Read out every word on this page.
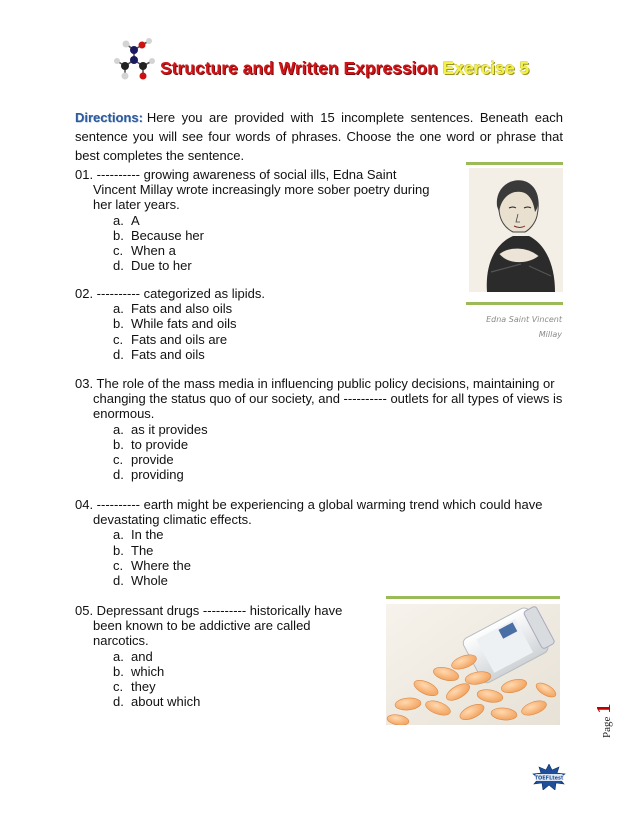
Structure and Written Expression Exercise 5
Directions: Here you are provided with 15 incomplete sentences. Beneath each sentence you will see four words of phrases. Choose the one word or phrase that best completes the sentence.
01. ---------- growing awareness of social ills, Edna Saint Vincent Millay wrote increasingly more sober poetry during her later years.
a. A
b. Because her
c. When a
d. Due to her
02. ---------- categorized as lipids.
a. Fats and also oils
b. While fats and oils
c. Fats and oils are
d. Fats and oils
03. The role of the mass media in influencing public policy decisions, maintaining or changing the status quo of our society, and ---------- outlets for all types of views is enormous.
a. as it provides
b. to provide
c. provide
d. providing
04. ---------- earth might be experiencing a global warming trend which could have devastating climatic effects.
a. In the
b. The
c. Where the
d. Whole
05. Depressant drugs ---------- historically have been known to be addictive are called narcotics.
a. and
b. which
c. they
d. about which
Edna Saint Vincent Millay
Page1
TOEFLtest
